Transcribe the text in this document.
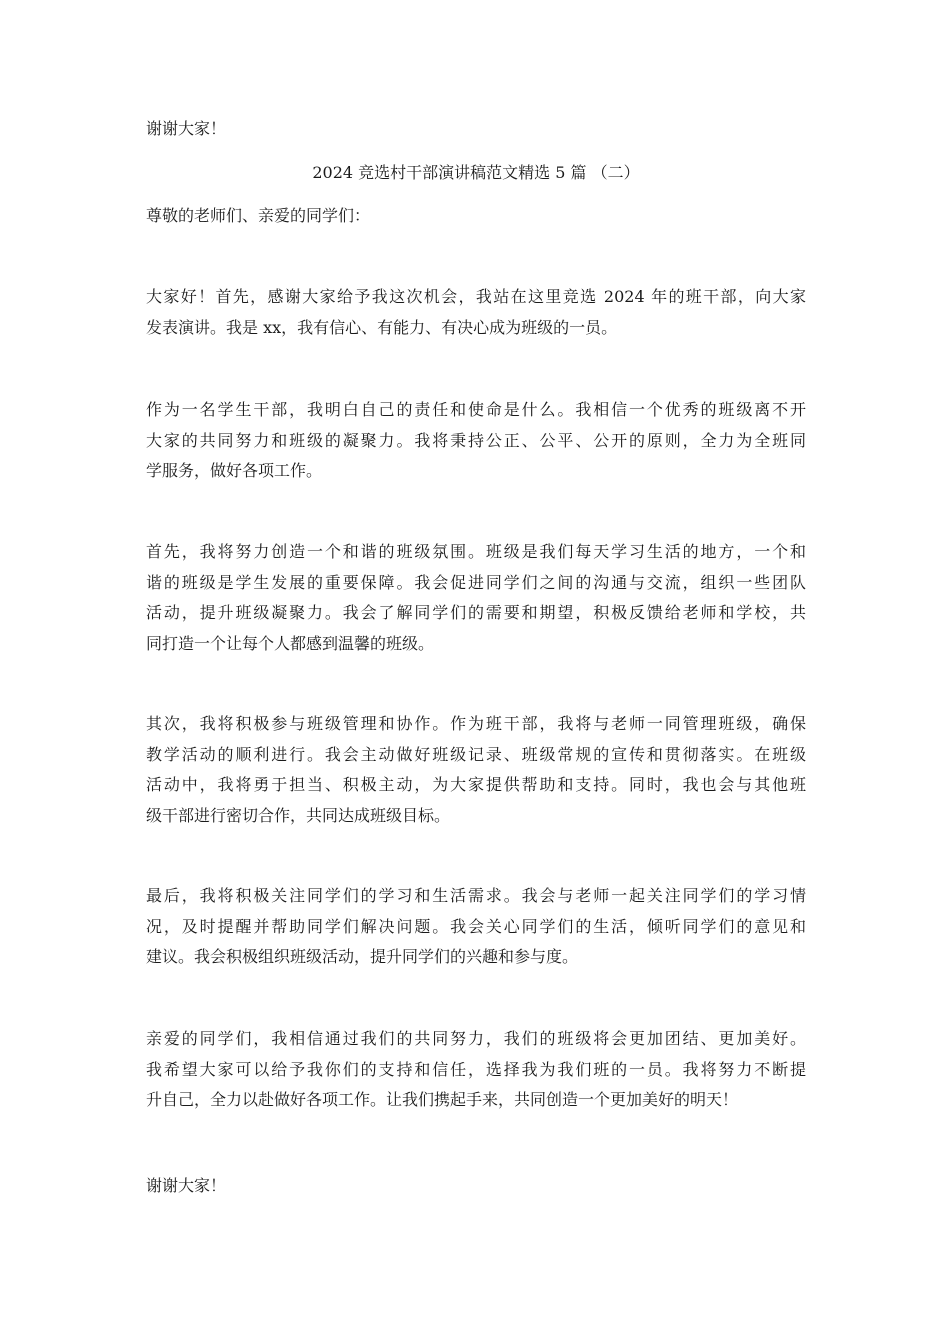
谢谢大家！
2024 竞选村干部演讲稿范文精选 5 篇 （二）
尊敬的老师们、亲爱的同学们：
大家好！首先，感谢大家给予我这次机会，我站在这里竞选 2024 年的班干部，向大家
发表演讲。我是 xx，我有信心、有能力、有决心成为班级的一员。
作为一名学生干部，我明白自己的责任和使命是什么。我相信一个优秀的班级离不开
大家的共同努力和班级的凝聚力。我将秉持公正、公平、公开的原则，全力为全班同
学服务，做好各项工作。
首先，我将努力创造一个和谐的班级氛围。班级是我们每天学习生活的地方，一个和
谐的班级是学生发展的重要保障。我会促进同学们之间的沟通与交流，组织一些团队
活动，提升班级凝聚力。我会了解同学们的需要和期望，积极反馈给老师和学校，共
同打造一个让每个人都感到温馨的班级。
其次，我将积极参与班级管理和协作。作为班干部，我将与老师一同管理班级，确保
教学活动的顺利进行。我会主动做好班级记录、班级常规的宣传和贯彻落实。在班级
活动中，我将勇于担当、积极主动，为大家提供帮助和支持。同时，我也会与其他班
级干部进行密切合作，共同达成班级目标。
最后，我将积极关注同学们的学习和生活需求。我会与老师一起关注同学们的学习情
况，及时提醒并帮助同学们解决问题。我会关心同学们的生活，倾听同学们的意见和
建议。我会积极组织班级活动，提升同学们的兴趣和参与度。
亲爱的同学们，我相信通过我们的共同努力，我们的班级将会更加团结、更加美好。
我希望大家可以给予我你们的支持和信任，选择我为我们班的一员。我将努力不断提
升自己，全力以赴做好各项工作。让我们携起手来，共同创造一个更加美好的明天！
谢谢大家！
